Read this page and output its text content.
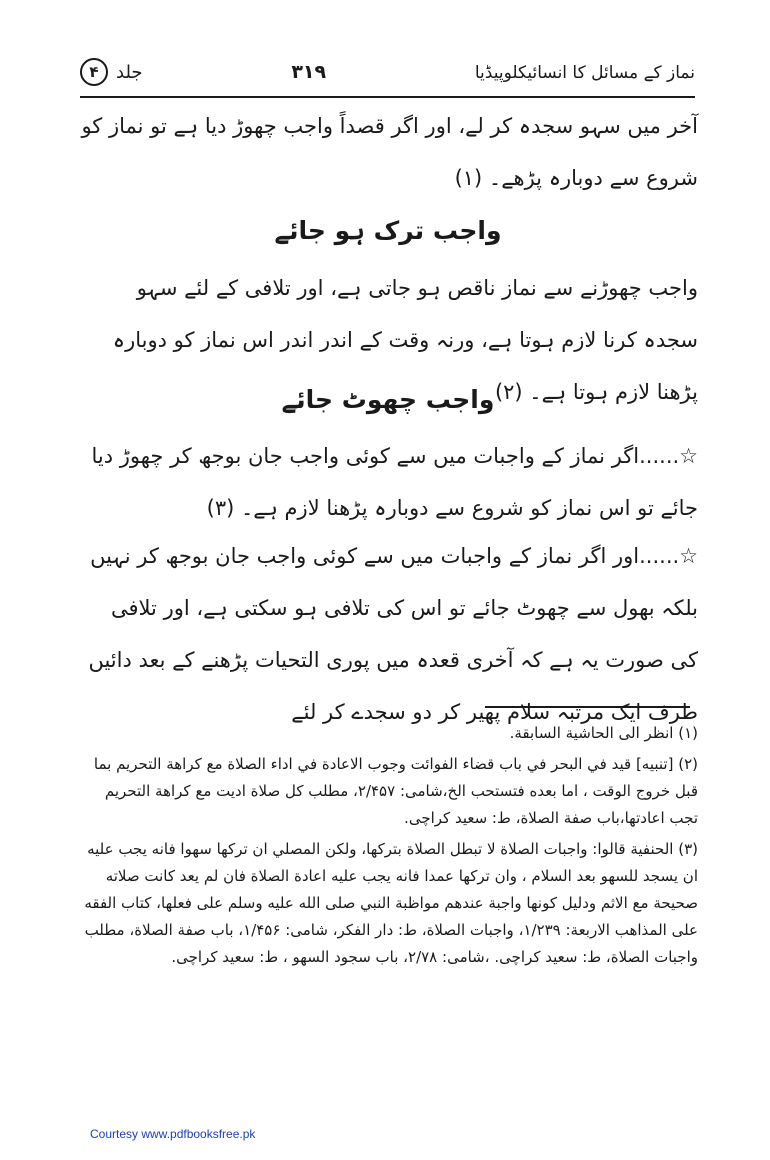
جلد
۴	۳۱۹	نماز کے مسائل کا انسائیکلوپیڈیا

آخر میں سہو سجدہ کر لے، اور اگر قصداً واجب چھوڑ دیا ہے تو نماز کو شروع سے دوبارہ پڑھے۔ (۱)

واجب ترک ہو جائے

واجب چھوڑنے سے نماز ناقص ہو جاتی ہے، اور تلافی کے لئے سہو سجدہ کرنا لازم ہوتا ہے، ورنہ وقت کے اندر اندر اس نماز کو دوبارہ پڑھنا لازم ہوتا ہے۔ (۲)

واجب چھوٹ جائے

☆......اگر نماز کے واجبات میں سے کوئی واجب جان بوجھ کر چھوڑ دیا جائے تو اس نماز کو شروع سے دوبارہ پڑھنا لازم ہے۔ (۳)

☆......اور اگر نماز کے واجبات میں سے کوئی واجب جان بوجھ کر نہیں بلکہ بھول سے چھوٹ جائے تو اس کی تلافی ہو سکتی ہے، اور تلافی کی صورت یہ ہے کہ آخری قعدہ میں پوری التحیات پڑھنے کے بعد دائیں طرف ایک مرتبہ سلام پھیر کر دو سجدے کر لئے

(۱) انظر الى الحاشية السابقة.

(۲) [تنبيه] قيد في البحر في باب قضاء الفوائت وجوب الاعادة في اداء الصلاة مع كراهة التحريم بما قبل خروج الوقت ، اما بعده فتستحب الخ،شامی: ۲/۴۵۷، مطلب كل صلاة اديت مع كراهة التحريم تجب اعادتها،باب صفة الصلاة، ط: سعيد كراچی.

(۳) الحنفية قالوا: واجبات الصلاة لا تبطل الصلاة بتركها، ولكن المصلي ان تركها سهوا فانه يجب عليه ان يسجد للسهو بعد السلام ، وان تركها عمدا فانه يجب عليه اعادة الصلاة فان لم يعد كانت صلاته صحيحة مع الاثم ودليل كونها واجبة عندهم مواظبة النبي صلى الله عليه وسلم على فعلها، كتاب الفقه على المذاهب الاربعة: ۱/۲۳۹، واجبات الصلاة، ط: دار الفكر، شامی: ۱/۴۵۶، باب صفة الصلاة، مطلب واجبات الصلاة، ط: سعيد كراچی. ،شامی: ۲/۷۸، باب سجود السهو ، ط: سعيد كراچی.

Courtesy www.pdfbooksfree.pk
